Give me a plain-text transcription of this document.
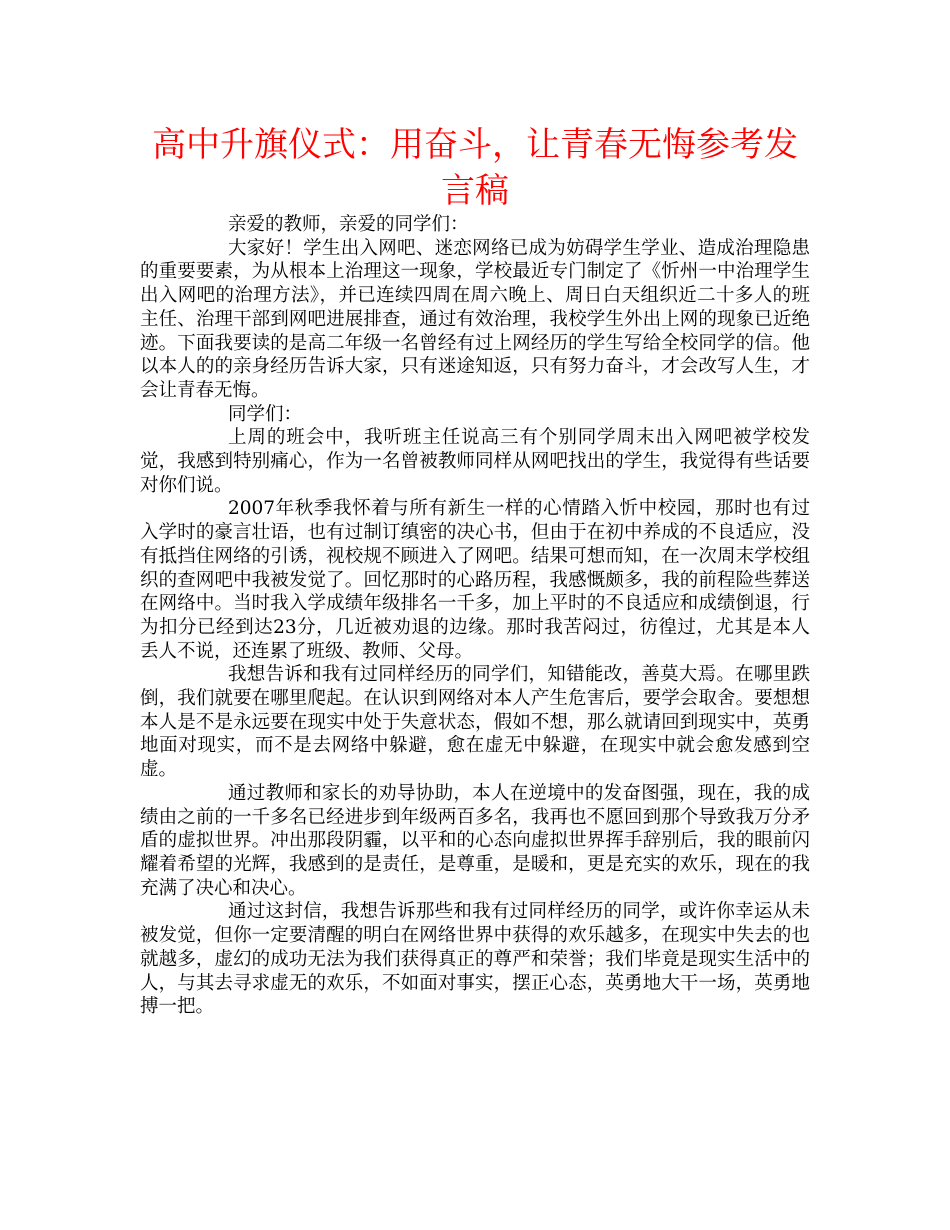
高中升旗仪式：用奋斗，让青春无悔参考发言稿

亲爱的教师，亲爱的同学们：

大家好！学生出入网吧、迷恋网络已成为妨碍学生学业、造成治理隐患的重要要素，为从根本上治理这一现象，学校最近专门制定了《忻州一中治理学生出入网吧的治理方法》，并已连续四周在周六晚上、周日白天组织近二十多人的班主任、治理干部到网吧进展排查，通过有效治理，我校学生外出上网的现象已近绝迹。下面我要读的是高二年级一名曾经有过上网经历的学生写给全校同学的信。他以本人的的亲身经历告诉大家，只有迷途知返，只有努力奋斗，才会改写人生，才会让青春无悔。

同学们：

上周的班会中，我听班主任说高三有个别同学周末出入网吧被学校发觉，我感到特别痛心，作为一名曾被教师同样从网吧找出的学生，我觉得有些话要对你们说。

2007年秋季我怀着与所有新生一样的心情踏入忻中校园，那时也有过入学时的豪言壮语，也有过制订缜密的决心书，但由于在初中养成的不良适应，没有抵挡住网络的引诱，视校规不顾进入了网吧。结果可想而知，在一次周末学校组织的查网吧中我被发觉了。回忆那时的心路历程，我感慨颇多，我的前程险些葬送在网络中。当时我入学成绩年级排名一千多，加上平时的不良适应和成绩倒退，行为扣分已经到达23分，几近被劝退的边缘。那时我苦闷过，彷徨过，尤其是本人丢人不说，还连累了班级、教师、父母。

我想告诉和我有过同样经历的同学们，知错能改，善莫大焉。在哪里跌倒，我们就要在哪里爬起。在认识到网络对本人产生危害后，要学会取舍。要想想本人是不是永远要在现实中处于失意状态，假如不想，那么就请回到现实中，英勇地面对现实，而不是去网络中躲避，愈在虚无中躲避，在现实中就会愈发感到空虚。

通过教师和家长的劝导协助，本人在逆境中的发奋图强，现在，我的成绩由之前的一千多名已经进步到年级两百多名，我再也不愿回到那个导致我万分矛盾的虚拟世界。冲出那段阴霾，以平和的心态向虚拟世界挥手辞别后，我的眼前闪耀着希望的光辉，我感到的是责任，是尊重，是暖和，更是充实的欢乐，现在的我充满了决心和决心。

通过这封信，我想告诉那些和我有过同样经历的同学，或许你幸运从未被发觉，但你一定要清醒的明白在网络世界中获得的欢乐越多，在现实中失去的也就越多，虚幻的成功无法为我们获得真正的尊严和荣誉；我们毕竟是现实生活中的人，与其去寻求虚无的欢乐，不如面对事实，摆正心态，英勇地大干一场，英勇地搏一把。
